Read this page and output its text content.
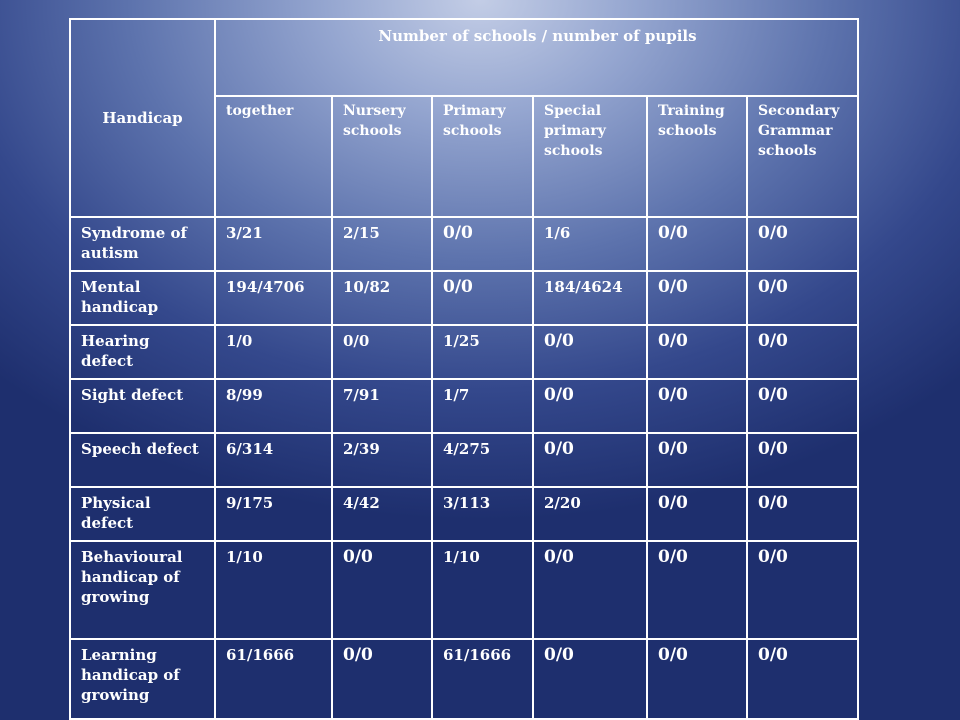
Handicap	Number of schools / number of pupils					
	together	Nursery schools	Primary schools	Special primary schools	Training schools	Secondary Grammar schools
Syndrome of autism	3/21	2/15	0/0	1/6	0/0	0/0
Mental handicap	194/4706	10/82	0/0	184/4624	0/0	0/0
Hearing defect	1/0	0/0	1/25	0/0	0/0	0/0
Sight defect	8/99	7/91	1/7	0/0	0/0	0/0
Speech defect	6/314	2/39	4/275	0/0	0/0	0/0
Physical defect	9/175	4/42	3/113	2/20	0/0	0/0
Behavioural handicap of growing	1/10	0/0	1/10	0/0	0/0	0/0
Learning handicap of growing	61/1666	0/0	61/1666	0/0	0/0	0/0
